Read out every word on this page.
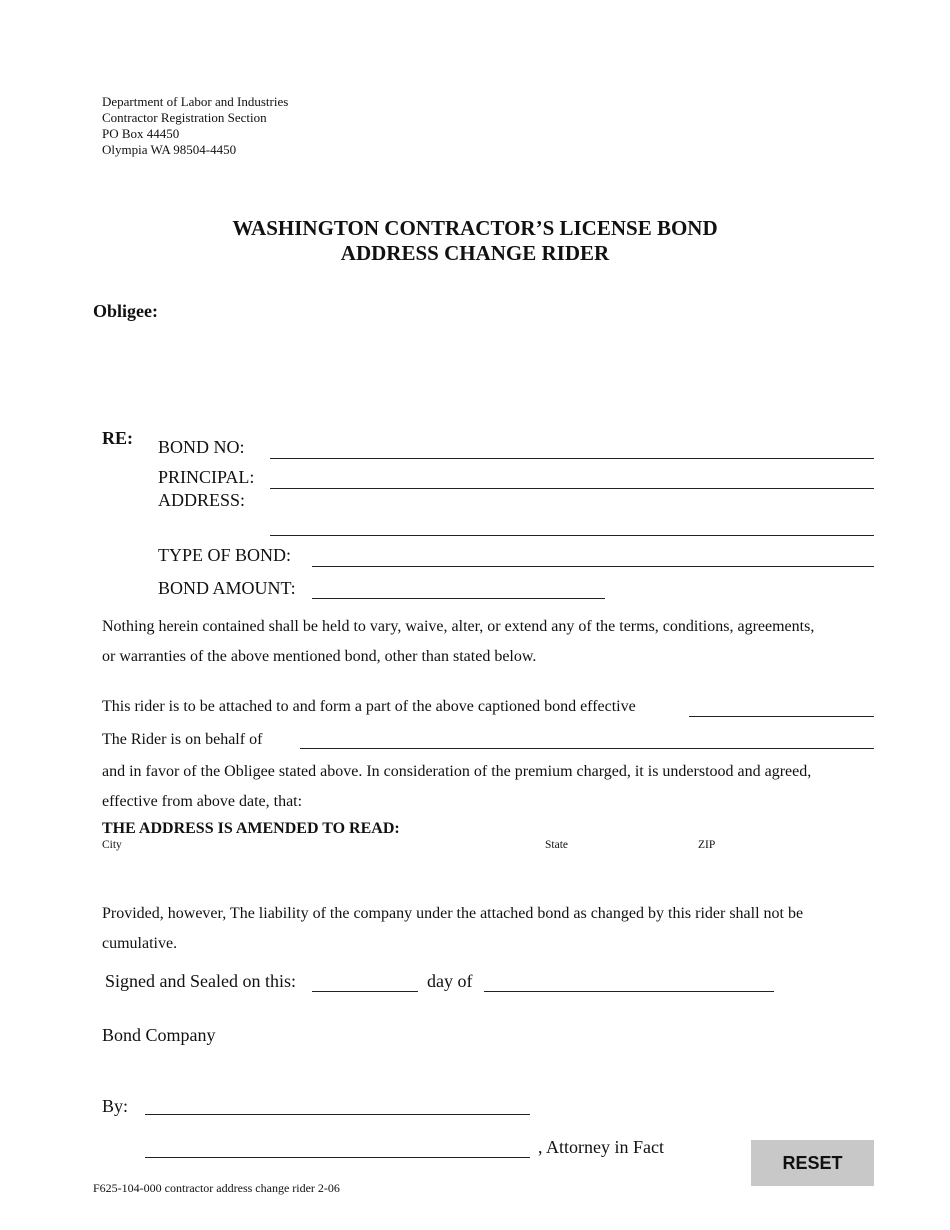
Department of Labor and Industries
Contractor Registration Section
PO Box 44450
Olympia WA 98504-4450
WASHINGTON CONTRACTOR’S LICENSE BOND
ADDRESS CHANGE RIDER
Obligee:
RE: BOND NO:
PRINCIPAL:
ADDRESS:
TYPE OF BOND:
BOND AMOUNT:
Nothing herein contained shall be held to vary, waive, alter, or extend any of the terms, conditions, agreements,
or warranties of the above mentioned bond, other than stated below.
This rider is to be attached to and form a part of the above captioned bond effective
The Rider is on behalf of
and in favor of the Obligee stated above. In consideration of the premium charged, it is understood and agreed,
effective from above date, that:
THE ADDRESS IS AMENDED TO READ:
City	State	ZIP
Provided, however, The liability of the company under the attached bond as changed by this rider shall not be
cumulative.
Signed and Sealed on this:	day of
Bond Company
By:
, Attorney in Fact
RESET
F625-104-000 contractor address change rider 2-06
